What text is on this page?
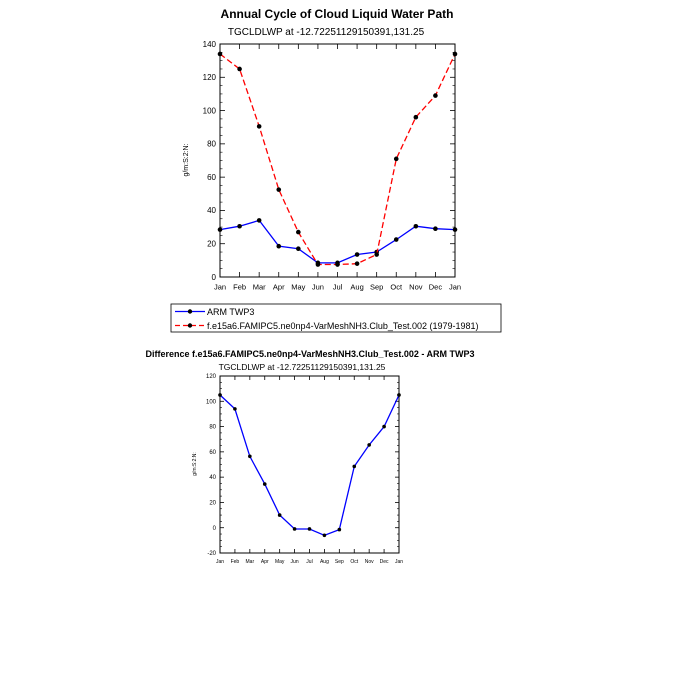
Annual Cycle of Cloud Liquid Water Path
TGCLDLWP at -12.72251129150391,131.25
g/m:S:2:N:
0
20
40
60
80
100
120
140
Jan Feb Mar Apr May Jun Jul Aug Sep Oct Nov Dec Jan
ARM TWP3
f.e15a6.FAMIPC5.ne0np4-VarMeshNH3.Club_Test.002 (1979-1981)
Difference f.e15a6.FAMIPC5.ne0np4-VarMeshNH3.Club_Test.002 - ARM TWP3
TGCLDLWP at -12.72251129150391,131.25
g/m:S:2:N:
-20
0
20
40
60
80
100
120
Jan Feb Mar Apr May Jun Jul Aug Sep Oct Nov Dec Jan
